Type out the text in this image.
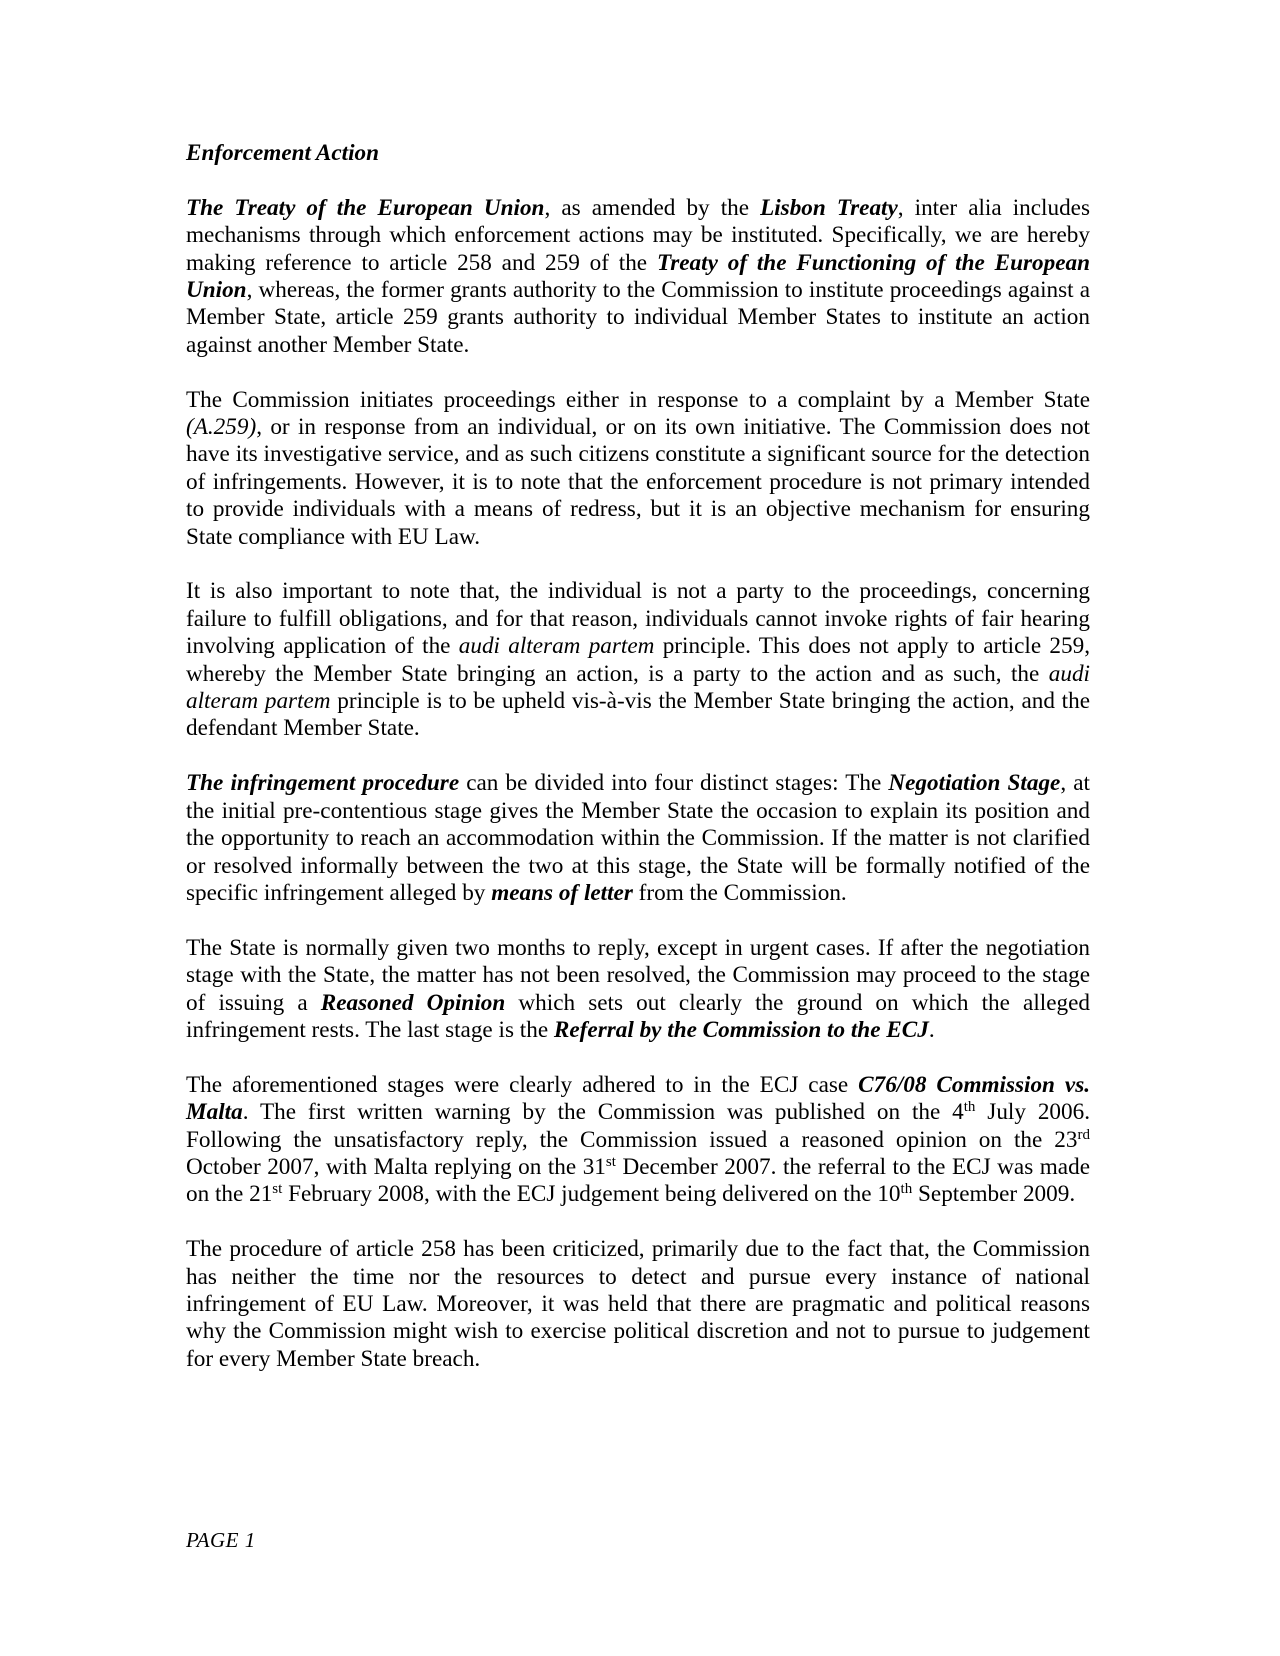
Enforcement Action

The Treaty of the European Union, as amended by the Lisbon Treaty, inter alia includes mechanisms through which enforcement actions may be instituted. Specifically, we are hereby making reference to article 258 and 259 of the Treaty of the Functioning of the European Union, whereas, the former grants authority to the Commission to institute proceedings against a Member State, article 259 grants authority to individual Member States to institute an action against another Member State.

The Commission initiates proceedings either in response to a complaint by a Member State (A.259), or in response from an individual, or on its own initiative. The Commission does not have its investigative service, and as such citizens constitute a significant source for the detection of infringements. However, it is to note that the enforcement procedure is not primary intended to provide individuals with a means of redress, but it is an objective mechanism for ensuring State compliance with EU Law.

It is also important to note that, the individual is not a party to the proceedings, concerning failure to fulfill obligations, and for that reason, individuals cannot invoke rights of fair hearing involving application of the audi alteram partem principle. This does not apply to article 259, whereby the Member State bringing an action, is a party to the action and as such, the audi alteram partem principle is to be upheld vis-à-vis the Member State bringing the action, and the defendant Member State.

The infringement procedure can be divided into four distinct stages: The Negotiation Stage, at the initial pre-contentious stage gives the Member State the occasion to explain its position and the opportunity to reach an accommodation within the Commission. If the matter is not clarified or resolved informally between the two at this stage, the State will be formally notified of the specific infringement alleged by means of letter from the Commission.

The State is normally given two months to reply, except in urgent cases. If after the negotiation stage with the State, the matter has not been resolved, the Commission may proceed to the stage of issuing a Reasoned Opinion which sets out clearly the ground on which the alleged infringement rests. The last stage is the Referral by the Commission to the ECJ.

The aforementioned stages were clearly adhered to in the ECJ case C76/08 Commission vs. Malta. The first written warning by the Commission was published on the 4th July 2006. Following the unsatisfactory reply, the Commission issued a reasoned opinion on the 23rd October 2007, with Malta replying on the 31st December 2007. the referral to the ECJ was made on the 21st February 2008, with the ECJ judgement being delivered on the 10th September 2009.

The procedure of article 258 has been criticized, primarily due to the fact that, the Commission has neither the time nor the resources to detect and pursue every instance of national infringement of EU Law. Moreover, it was held that there are pragmatic and political reasons why the Commission might wish to exercise political discretion and not to pursue to judgement for every Member State breach.

PAGE 1
